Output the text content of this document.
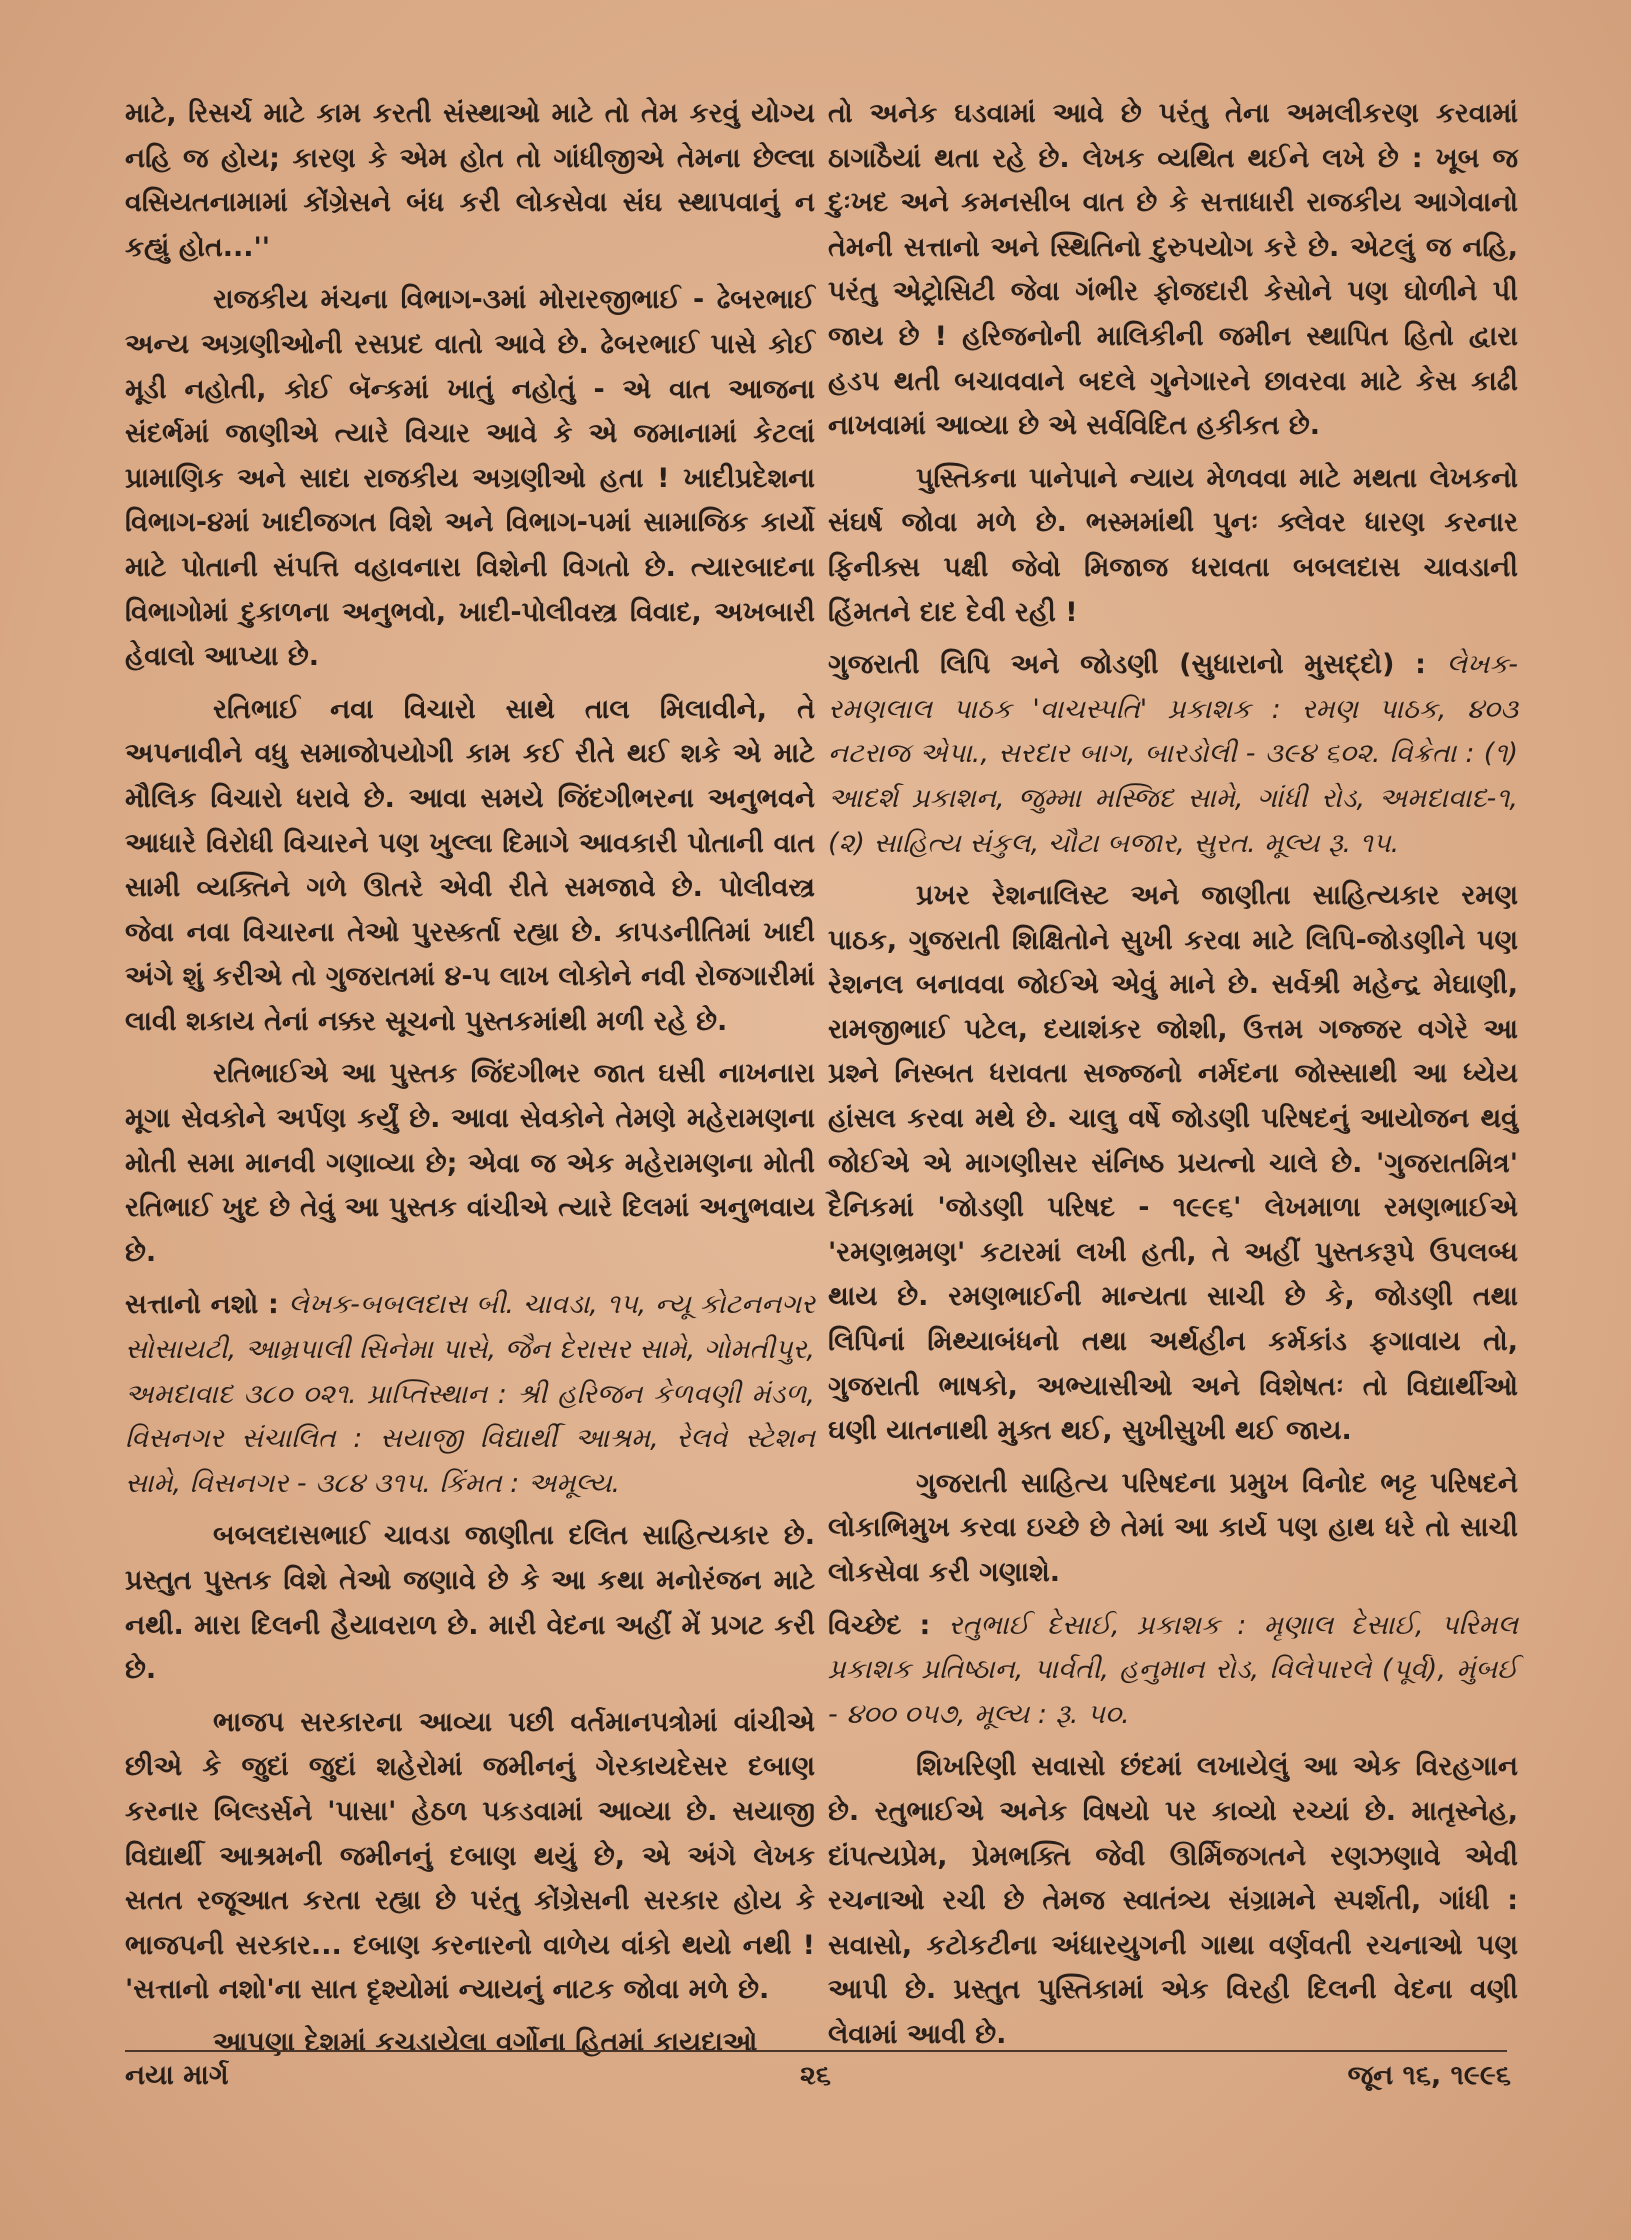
માટે, રિસર્ચ માટે કામ કરતી સંસ્થાઓ માટે તો તેમ કરવું યોગ્ય નહિ જ હોય; કારણ કે એમ હોત તો ગાંધીજીએ તેમના છેલ્લા વસિયતનામામાં કોંગ્રેસને બંધ કરી લોકસેવા સંઘ સ્થાપવાનું ન કહ્યું હોત...''

રાજકીય મંચના વિભાગ-૩માં મોરારજીભાઈ - ઢેબરભાઈ અન્ય અગ્રણીઓની રસપ્રદ વાતો આવે છે. ઢેબરભાઈ પાસે કોઈ મૂડી નહોતી, કોઈ બૅન્કમાં ખાતું નહોતું - એ વાત આજના સંદર્ભમાં જાણીએ ત્યારે વિચાર આવે કે એ જમાનામાં કેટલાં પ્રામાણિક અને સાદા રાજકીય અગ્રણીઓ હતા ! ખાદીપ્રદેશના વિભાગ-૪માં ખાદીજગત વિશે અને વિભાગ-૫માં સામાજિક કાર્યો માટે પોતાની સંપત્તિ વહાવનારા વિશેની વિગતો છે. ત્યારબાદના વિભાગોમાં દુકાળના અનુભવો, ખાદી-પોલીવસ્ત્ર વિવાદ, અખબારી હેવાલો આપ્યા છે.

રતિભાઈ નવા વિચારો સાથે તાલ મિલાવીને, તે અપનાવીને વધુ સમાજોપયોગી કામ કઈ રીતે થઈ શકે એ માટે મૌલિક વિચારો ધરાવે છે. આવા સમયે જિંદગીભરના અનુભવને આધારે વિરોધી વિચારને પણ ખુલ્લા દિમાગે આવકારી પોતાની વાત સામી વ્યક્તિને ગળે ઊતરે એવી રીતે સમજાવે છે. પોલીવસ્ત્ર જેવા નવા વિચારના તેઓ પુરસ્કર્તા રહ્યા છે. કાપડનીતિમાં ખાદી અંગે શું કરીએ તો ગુજરાતમાં ૪-૫ લાખ લોકોને નવી રોજગારીમાં લાવી શકાય તેનાં નક્કર સૂચનો પુસ્તકમાંથી મળી રહે છે.

રતિભાઈએ આ પુસ્તક જિંદગીભર જાત ઘસી નાખનારા મૂગા સેવકોને અર્પણ કર્યું છે. આવા સેવકોને તેમણે મહેરામણના મોતી સમા માનવી ગણાવ્યા છે; એવા જ એક મહેરામણના મોતી રતિભાઈ ખુદ છે તેવું આ પુસ્તક વાંચીએ ત્યારે દિલમાં અનુભવાય છે.

સત્તાનો નશો : લેખક-બબલદાસ બી. ચાવડા, ૧૫, ન્યૂ કોટનનગર સોસાયટી, આમ્રપાલી સિનેમા પાસે, જૈન દેરાસર સામે, ગોમતીપુર, અમદાવાદ ૩૮૦ ૦૨૧. પ્રાપ્તિસ્થાન : શ્રી હરિજન કેળવણી મંડળ, વિસનગર સંચાલિત : સયાજી વિદ્યાર્થી આશ્રમ, રેલવે સ્ટેશન સામે, વિસનગર - ૩૮૪ ૩૧૫. કિંમત : અમૂલ્ય.

બબલદાસભાઈ ચાવડા જાણીતા દલિત સાહિત્યકાર છે. પ્રસ્તુત પુસ્તક વિશે તેઓ જણાવે છે કે આ કથા મનોરંજન માટે નથી. મારા દિલની હૈયાવરાળ છે. મારી વેદના અહીં મેં પ્રગટ કરી છે.

ભાજપ સરકારના આવ્યા પછી વર્તમાનપત્રોમાં વાંચીએ છીએ કે જુદાં જુદાં શહેરોમાં જમીનનું ગેરકાયદેસર દબાણ કરનાર બિલ્ડર્સને 'પાસા' હેઠળ પકડવામાં આવ્યા છે. સયાજી વિદ્યાર્થી આશ્રમની જમીનનું દબાણ થયું છે, એ અંગે લેખક સતત રજૂઆત કરતા રહ્યા છે પરંતુ કોંગ્રેસની સરકાર હોય કે ભાજપની સરકાર... દબાણ કરનારનો વાળેય વાંકો થયો નથી ! 'સત્તાનો નશો'ના સાત દૃશ્યોમાં ન્યાયનું નાટક જોવા મળે છે.

આપણા દેશમાં કચડાયેલા વર્ગોના હિતમાં કાયદાઓ

તો અનેક ઘડવામાં આવે છે પરંતુ તેના અમલીકરણ કરવામાં ઠાગાઠૈયાં થતા રહે છે. લેખક વ્યથિત થઈને લખે છે : ખૂબ જ દુઃખદ અને કમનસીબ વાત છે કે સત્તાધારી રાજકીય આગેવાનો તેમની સત્તાનો અને સ્થિતિનો દુરુપયોગ કરે છે. એટલું જ નહિ, પરંતુ એટ્રોસિટી જેવા ગંભીર ફોજદારી કેસોને પણ ઘોળીને પી જાય છે ! હરિજનોની માલિકીની જમીન સ્થાપિત હિતો દ્વારા હડપ થતી બચાવવાને બદલે ગુનેગારને છાવરવા માટે કેસ કાઢી નાખવામાં આવ્યા છે એ સર્વવિદિત હકીકત છે.

પુસ્તિકના પાનેપાને ન્યાય મેળવવા માટે મથતા લેખકનો સંઘર્ષ જોવા મળે છે. ભસ્મમાંથી પુનઃ ક્લેવર ધારણ કરનાર ફિનીક્સ પક્ષી જેવો મિજાજ ધરાવતા બબલદાસ ચાવડાની હિંમતને દાદ દેવી રહી !

ગુજરાતી લિપિ અને જોડણી (સુધારાનો મુસદ્દો) : લેખક-રમણલાલ પાઠક 'વાચસ્પતિ' પ્રકાશક : રમણ પાઠક, ૪૦૩ નટરાજ એપા., સરદાર બાગ, બારડોલી - ૩૯૪ ૬૦૨. વિક્રેતા : (૧) આદર્શ પ્રકાશન, જુમ્મા મસ્જિદ સામે, ગાંધી રોડ, અમદાવાદ-૧, (૨) સાહિત્ય સંકુલ, ચૌટા બજાર, સુરત. મૂલ્ય રૂ. ૧૫.

પ્રખર રેશનાલિસ્ટ અને જાણીતા સાહિત્યકાર રમણ પાઠક, ગુજરાતી શિક્ષિતોને સુખી કરવા માટે લિપિ-જોડણીને પણ રેશનલ બનાવવા જોઈએ એવું માને છે. સર્વશ્રી મહેન્દ્ર મેઘાણી, રામજીભાઈ પટેલ, દયાશંકર જોશી, ઉત્તમ ગજ્જર વગેરે આ પ્રશ્ને નિસ્બત ધરાવતા સજ્જનો નર્મદના જોસ્સાથી આ ધ્યેય હાંસલ કરવા મથે છે. ચાલુ વર્ષે જોડણી પરિષદનું આયોજન થવું જોઈએ એ માગણીસર સંનિષ્ઠ પ્રયત્નો ચાલે છે. 'ગુજરાતમિત્ર' દૈનિકમાં 'જોડણી પરિષદ - ૧૯૯૬' લેખમાળા રમણભાઈએ 'રમણભ્રમણ' કટારમાં લખી હતી, તે અહીં પુસ્તકરૂપે ઉપલબ્ધ થાય છે. રમણભાઈની માન્યતા સાચી છે કે, જોડણી તથા લિપિનાં મિથ્યાબંધનો તથા અર્થહીન કર્મકાંડ ફગાવાય તો, ગુજરાતી ભાષકો, અભ્યાસીઓ અને વિશેષતઃ તો વિદ્યાર્થીઓ ઘણી યાતનાથી મુક્ત થઈ, સુખીસુખી થઈ જાય.

ગુજરાતી સાહિત્ય પરિષદના પ્રમુખ વિનોદ ભટ્ટ પરિષદને લોકાભિમુખ કરવા ઇચ્છે છે તેમાં આ કાર્ય પણ હાથ ધરે તો સાચી લોકસેવા કરી ગણાશે.

વિચ્છેદ : રતુભાઈ દેસાઈ, પ્રકાશક : મૃણાલ દેસાઈ, પરિમલ પ્રકાશક પ્રતિષ્ઠાન, પાર્વતી, હનુમાન રોડ, વિલેપારલે (પૂર્વ), મુંબઈ - ૪૦૦ ૦૫૭, મૂલ્ય : રૂ. ૫૦.

શિખરિણી સવાસો છંદમાં લખાયેલું આ એક વિરહગાન છે. રતુભાઈએ અનેક વિષયો પર કાવ્યો રચ્યાં છે. માતૃસ્નેહ, દાંપત્યપ્રેમ, પ્રેમભક્તિ જેવી ઊર્મિજગતને રણઝણાવે એવી રચનાઓ રચી છે તેમજ સ્વાતંત્ર્ય સંગ્રામને સ્પર્શતી, ગાંધી : સવાસો, કટોકટીના અંધારયુગની ગાથા વર્ણવતી રચનાઓ પણ આપી છે. પ્રસ્તુત પુસ્તિકામાં એક વિરહી દિલની વેદના વણી લેવામાં આવી છે.

નયા માર્ગ	૨૬	જૂન ૧૬, ૧૯૯૬
